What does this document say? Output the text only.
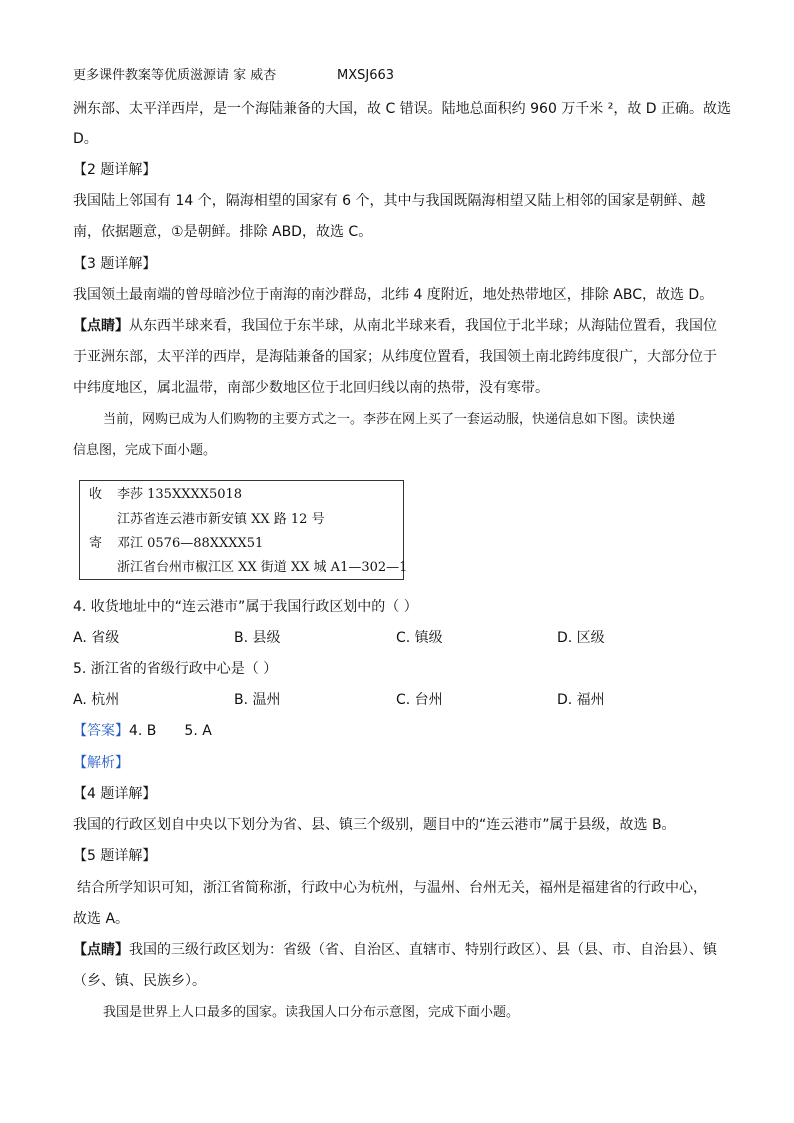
更多课件教案等优质滋源请 家 威杏	MXSJ663
洲东部、太平洋西岸，是一个海陆兼备的大国，故 C 错误。陆地总面积约 960 万千米 ²，故 D 正确。故选
D。
【2 题详解】
我国陆上邻国有 14 个，隔海相望的国家有 6 个，其中与我国既隔海相望又陆上相邻的国家是朝鲜、越
南，依据题意，①是朝鲜。排除 ABD，故选 C。
【3 题详解】
我国领土最南端的曾母暗沙位于南海的南沙群岛，北纬 4 度附近，地处热带地区，排除 ABC，故选 D。
【点睛】从东西半球来看，我国位于东半球，从南北半球来看，我国位于北半球；从海陆位置看，我国位
于亚洲东部，太平洋的西岸，是海陆兼备的国家；从纬度位置看，我国领土南北跨纬度很广，大部分位于
中纬度地区，属北温带，南部少数地区位于北回归线以南的热带，没有寒带。
当前，网购已成为人们购物的主要方式之一。李莎在网上买了一套运动服，快递信息如下图。读快递
信息图，完成下面小题。
收 李莎 135XXXX5018
江苏省连云港市新安镇 XX 路 12 号
寄 邓江 0576—88XXXX51
浙江省台州市椒江区 XX 街道 XX 城 A1—302—1
4. 收货地址中的“连云港市”属于我国行政区划中的（ ）
A. 省级	B. 县级	C. 镇级	D. 区级
5. 浙江省的省级行政中心是（ ）
A. 杭州	B. 温州	C. 台州	D. 福州
【答案】4. B 5. A
【解析】
【4 题详解】
我国的行政区划自中央以下划分为省、县、镇三个级别，题目中的“连云港市”属于县级，故选 B。
【5 题详解】
结合所学知识可知，浙江省简称浙，行政中心为杭州，与温州、台州无关，福州是福建省的行政中心，
故选 A。
【点睛】我国的三级行政区划为：省级（省、自治区、直辖市、特别行政区）、县（县、市、自治县）、镇
（乡、镇、民族乡）。
我国是世界上人口最多的国家。读我国人口分布示意图，完成下面小题。
